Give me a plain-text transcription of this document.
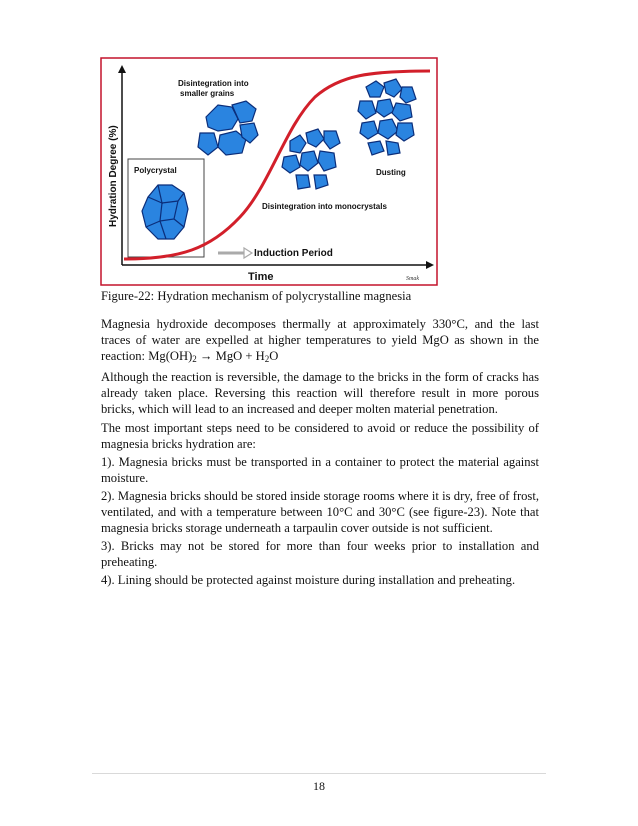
Hydration Degree (%)
Time	Smak
Polycrystal
Induction Period
Disintegration into
smaller grains
Disintegration into monocrystals
Dusting
Figure-22: Hydration mechanism of polycrystalline magnesia

Magnesia hydroxide decomposes thermally at approximately 330°C, and the last traces of water are expelled at higher temperatures to yield MgO as shown in the reaction: $Mg(OH)_2$ → MgO + $H_2O$

Although the reaction is reversible, the damage to the bricks in the form of cracks has already taken place. Reversing this reaction will therefore result in more porous bricks, which will lead to an increased and deeper molten material penetration.

The most important steps need to be considered to avoid or reduce the possibility of magnesia bricks hydration are:

1). Magnesia bricks must be transported in a container to protect the material against moisture.

2). Magnesia bricks should be stored inside storage rooms where it is dry, free of frost, ventilated, and with a temperature between 10°C and 30°C (see figure-23). Note that magnesia bricks storage underneath a tarpaulin cover outside is not sufficient.

3). Bricks may not be stored for more than four weeks prior to installation and preheating.

4). Lining should be protected against moisture during installation and preheating.

18
